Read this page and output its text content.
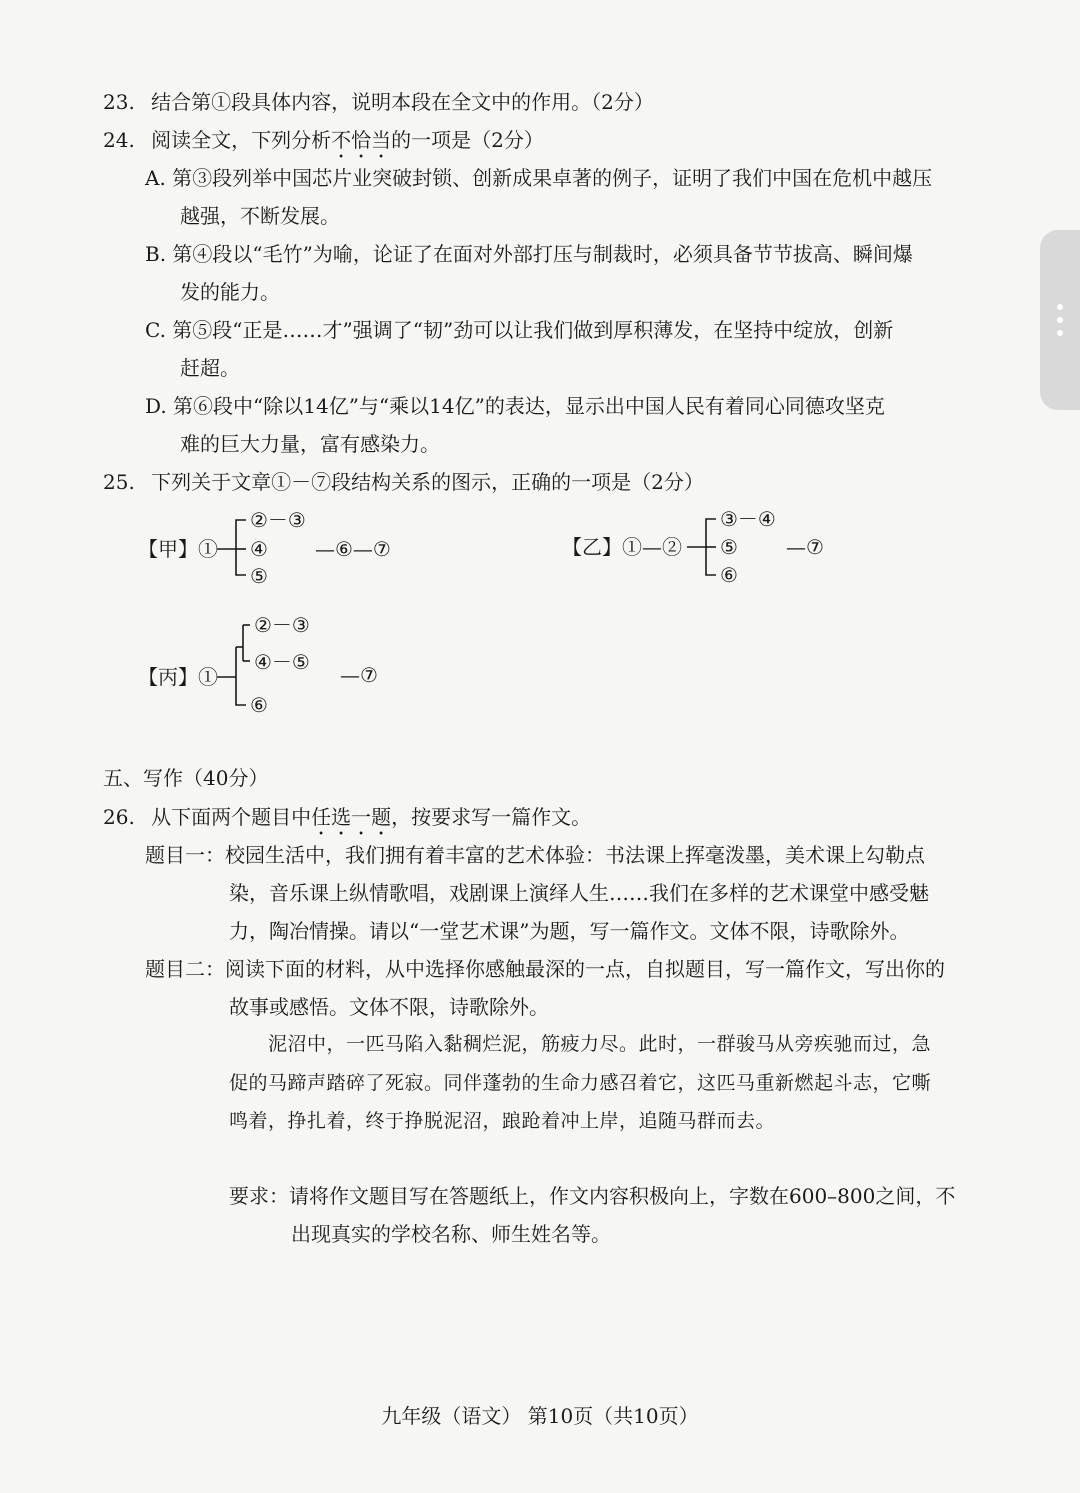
23. 结合第①段具体内容，说明本段在全文中的作用。（2分）
24. 阅读全文，下列分析不恰当的一项是（2分）
A. 第③段列举中国芯片业突破封锁、创新成果卓著的例子，证明了我们中国在危机中越压
越强，不断发展。
B. 第④段以“毛竹”为喻，论证了在面对外部打压与制裁时，必须具备节节拔高、瞬间爆
发的能力。
C. 第⑤段“正是……才”强调了“韧”劲可以让我们做到厚积薄发，在坚持中绽放，创新
赶超。
D. 第⑥段中“除以14亿”与“乘以14亿”的表达，显示出中国人民有着同心同德攻坚克
难的巨大力量，富有感染力。
25. 下列关于文章①－⑦段结构关系的图示，正确的一项是（2分）
【甲】①
②－③
④
⑤
—⑥—⑦	【乙】①—②
③－④
⑤
⑥
—⑦
【丙】①
②－③
④－⑤
⑥
—⑦
五、写作（40分）
26. 从下面两个题目中任选一题，按要求写一篇作文。
题目一：校园生活中，我们拥有着丰富的艺术体验：书法课上挥毫泼墨，美术课上勾勒点
染，音乐课上纵情歌唱，戏剧课上演绎人生……我们在多样的艺术课堂中感受魅
力，陶冶情操。请以“一堂艺术课”为题，写一篇作文。文体不限，诗歌除外。
题目二：阅读下面的材料，从中选择你感触最深的一点，自拟题目，写一篇作文，写出你的
故事或感悟。文体不限，诗歌除外。
泥沼中，一匹马陷入黏稠烂泥，筋疲力尽。此时，一群骏马从旁疾驰而过，急
促的马蹄声踏碎了死寂。同伴蓬勃的生命力感召着它，这匹马重新燃起斗志，它嘶
鸣着，挣扎着，终于挣脱泥沼，踉跄着冲上岸，追随马群而去。
要求：请将作文题目写在答题纸上，作文内容积极向上，字数在600–800之间，不
出现真实的学校名称、师生姓名等。
九年级（语文） 第10页（共10页）
